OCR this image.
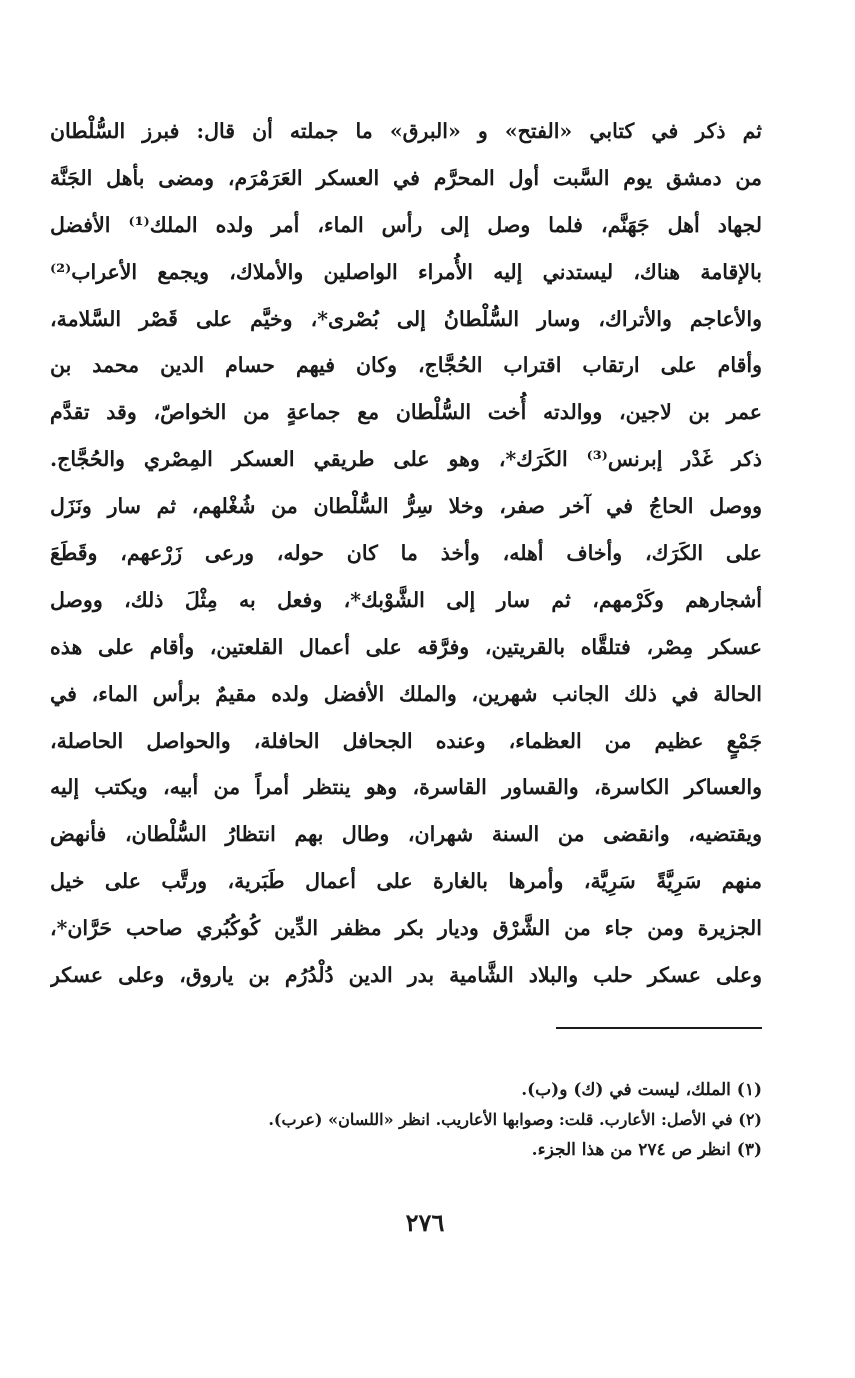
ثم ذكر في كتابي «الفتح» و «البرق» ما جملته أن قال: فبرز السُّلْطان
من دمشق يوم السَّبت أول المحرَّم في العسكر العَرَمْرَم، ومضى بأهل الجَنَّة
لجهاد أهل جَهَنَّم، فلما وصل إلى رأس الماء، أمر ولده الملك⁽¹⁾ الأفضل
بالإقامة هناك، ليستدني إليه الأُمراء الواصلين والأملاك، ويجمع الأعراب⁽²⁾
والأعاجم والأتراك، وسار السُّلْطانُ إلى بُصْرى*، وخيَّم على قَصْر السَّلامة،
وأقام على ارتقاب اقتراب الحُجَّاج، وكان فيهم حسام الدين محمد بن
عمر بن لاجين، ووالدته أُخت السُّلْطان مع جماعةٍ من الخواصّ، وقد تقدَّم
ذكر غَدْر إبرنس⁽³⁾ الكَرَك*، وهو على طريقي العسكر المِصْري والحُجَّاج.
ووصل الحاجُ في آخر صفر، وخلا سِرُّ السُّلْطان من شُغْلهم، ثم سار ونَزَل
على الكَرَك، وأخاف أهله، وأخذ ما كان حوله، ورعى زَرْعهم، وقَطَعَ
أشجارهم وكَرْمهم، ثم سار إلى الشَّوْبك*، وفعل به مِثْلَ ذلك، ووصل
عسكر مِصْر، فتلقَّاه بالقريتين، وفرَّقه على أعمال القلعتين، وأقام على هذه
الحالة في ذلك الجانب شهرين، والملك الأفضل ولده مقيمٌ برأس الماء، في
جَمْعٍ عظيم من العظماء، وعنده الجحافل الحافلة، والحواصل الحاصلة،
والعساكر الكاسرة، والقساور القاسرة، وهو ينتظر أمراً من أبيه، ويكتب إليه
ويقتضيه، وانقضى من السنة شهران، وطال بهم انتظارُ السُّلْطان، فأنهض
منهم سَرِيَّةً سَرِيَّة، وأمرها بالغارة على أعمال طَبَرية، ورتَّب على خيل
الجزيرة ومن جاء من الشَّرْق وديار بكر مظفر الدِّين كُوكُبُري صاحب حَرَّان*،
وعلى عسكر حلب والبلاد الشَّامية بدر الدين دُلْدُرُم بن ياروق، وعلى عسكر
(١) الملك، ليست في (ك) و(ب).
(٢) في الأصل: الأعارب. قلت: وصوابها الأعاريب. انظر «اللسان» (عرب).
(٣) انظر ص ٢٧٤ من هذا الجزء.
٢٧٦
